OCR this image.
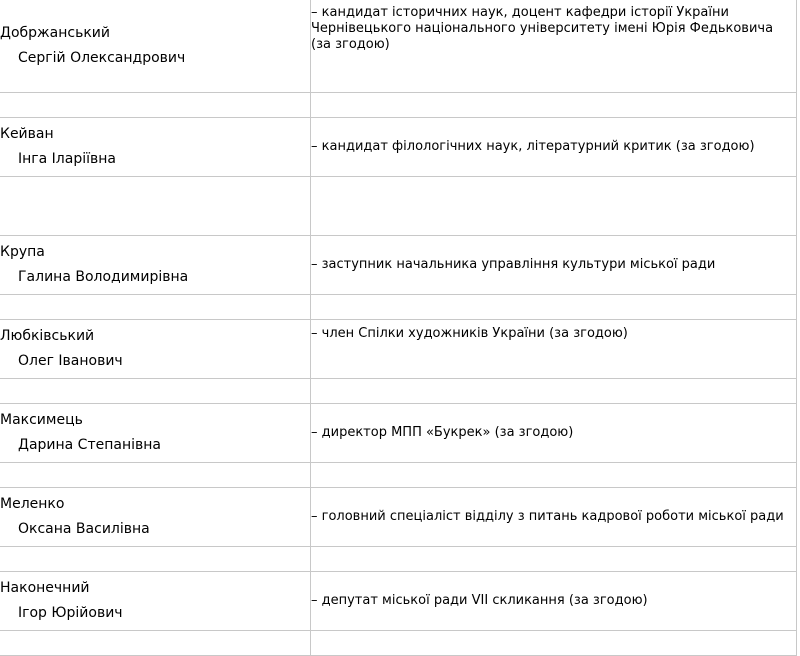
Добржанський
Сергій Олександрович	– кандидат історичних наук, доцент кафедри історії України Чернівецького національного університету імені Юрія Федьковича (за згодою)

Кейван
Інга Іларіївна	– кандидат філологічних наук, літературний критик (за згодою)

Крупа
Галина Володимирівна	– заступник начальника управління культури міської ради

Любківський
Олег Іванович	– член Спілки художників України (за згодою)

Максимець
Дарина Степанівна	– директор МПП «Букрек» (за згодою)

Меленко
Оксана Василівна	– головний спеціаліст відділу з питань кадрової роботи міської ради

Наконечний
Ігор Юрійович	– депутат міської ради VII скликання (за згодою)
